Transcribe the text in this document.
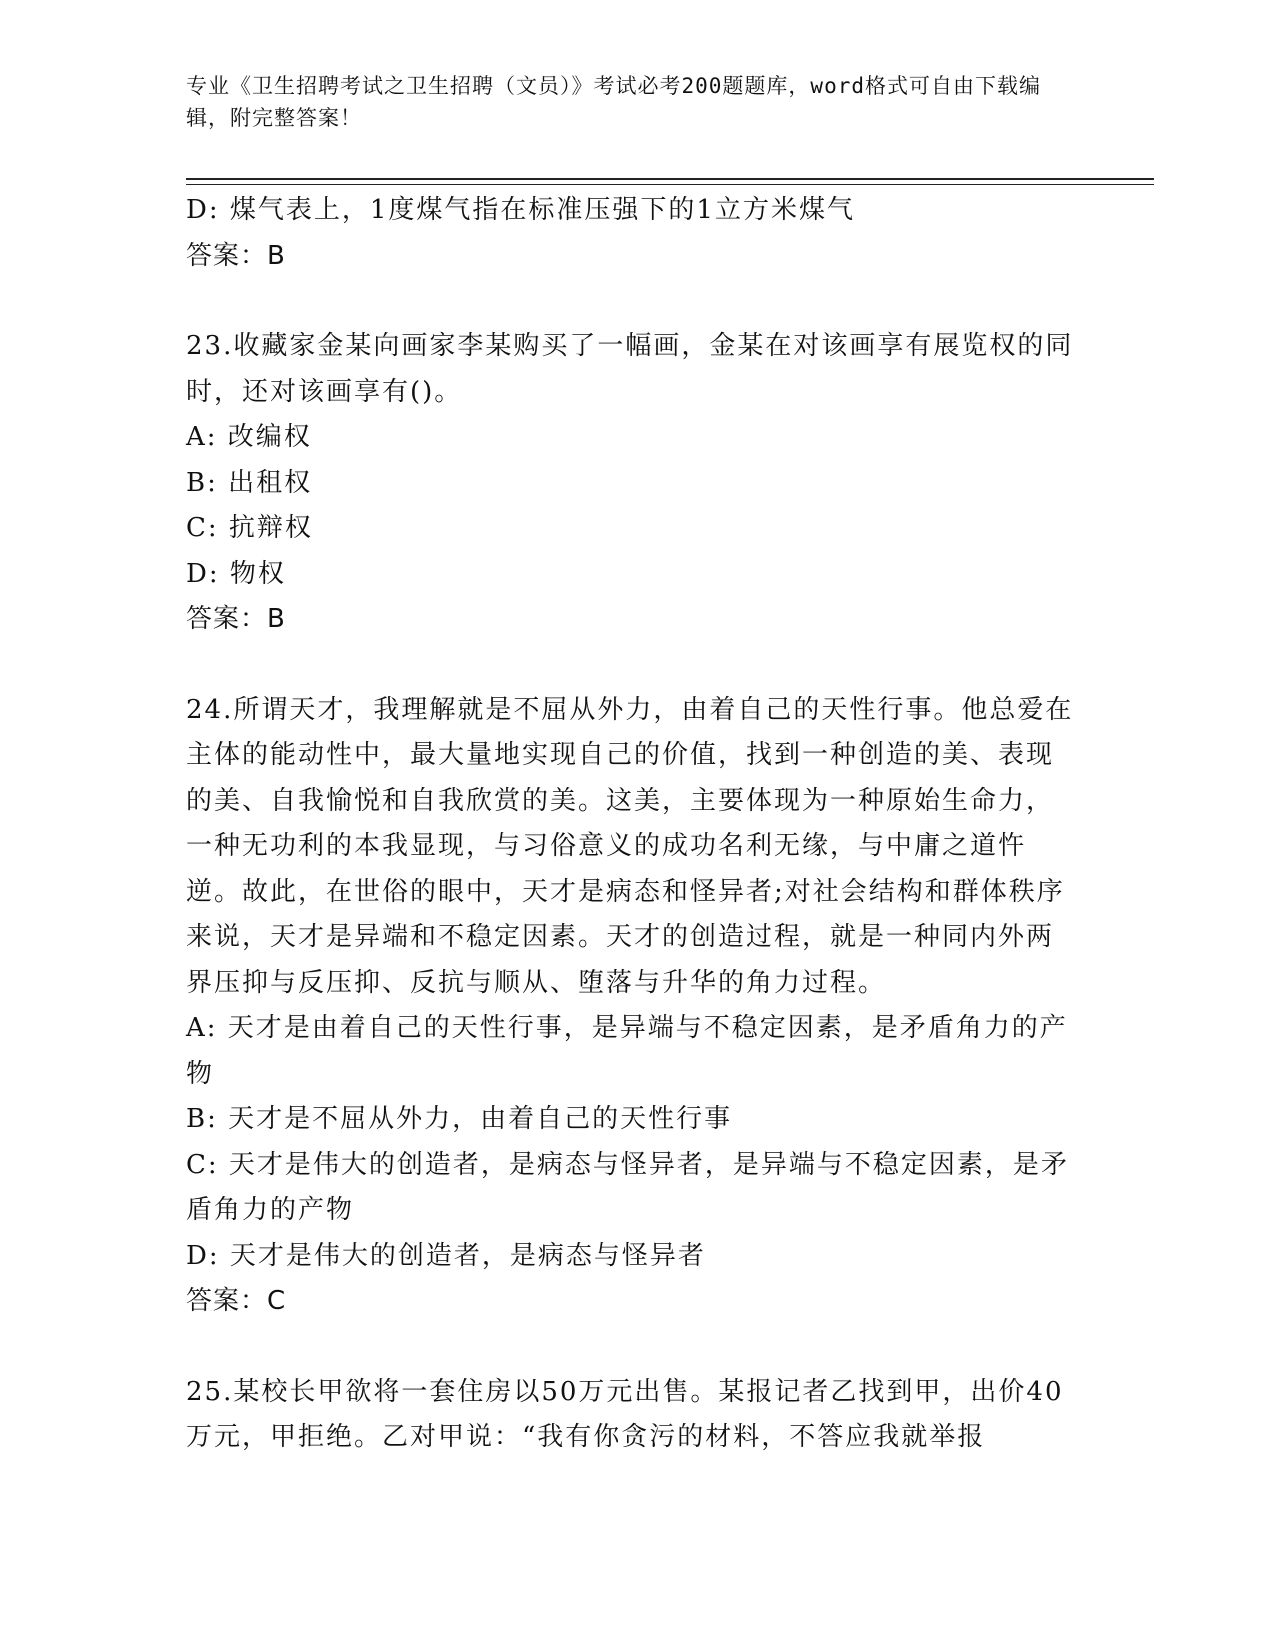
专业《卫生招聘考试之卫生招聘（文员）》考试必考200题题库，word格式可自由下载编辑，附完整答案！

D: 煤气表上，1度煤气指在标准压强下的1立方米煤气

答案：B

23.收藏家金某向画家李某购买了一幅画，金某在对该画享有展览权的同时，还对该画享有()。

A: 改编权

B: 出租权

C: 抗辩权

D: 物权

答案：B

24.所谓天才，我理解就是不屈从外力，由着自己的天性行事。他总爱在主体的能动性中，最大量地实现自己的价值，找到一种创造的美、表现的美、自我愉悦和自我欣赏的美。这美，主要体现为一种原始生命力，一种无功利的本我显现，与习俗意义的成功名利无缘，与中庸之道忤逆。故此，在世俗的眼中，天才是病态和怪异者;对社会结构和群体秩序来说，天才是异端和不稳定因素。天才的创造过程，就是一种同内外两界压抑与反压抑、反抗与顺从、堕落与升华的角力过程。

A: 天才是由着自己的天性行事，是异端与不稳定因素，是矛盾角力的产物

B: 天才是不屈从外力，由着自己的天性行事

C: 天才是伟大的创造者，是病态与怪异者，是异端与不稳定因素，是矛盾角力的产物

D: 天才是伟大的创造者，是病态与怪异者

答案：C

25.某校长甲欲将一套住房以50万元出售。某报记者乙找到甲，出价40万元，甲拒绝。乙对甲说：“我有你贪污的材料，不答应我就举报
